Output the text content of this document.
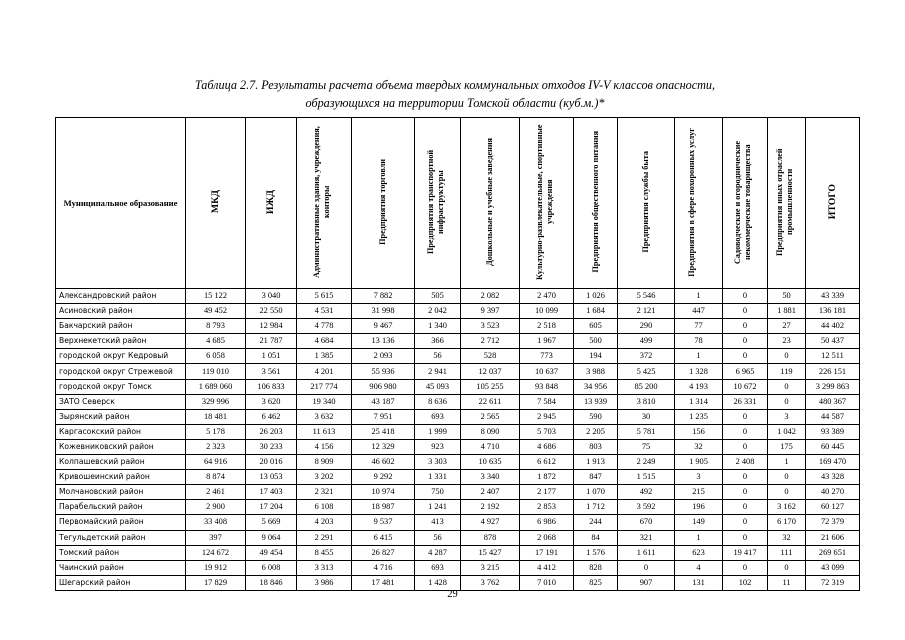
Таблица 2.7. Результаты расчета объема твердых коммунальных отходов IV-V классов опасности,
образующихся на территории Томской области (куб.м.)*
Муниципальное образование	МКД	ИЖД	Административные здания, учреждения, конторы	Предприятия торговли	Предприятия транспортной инфраструктуры	Дошкольные и учебные заведения	Культурно-развлекательные, спортивные учреждения	Предприятия общественного питания	Предприятия службы быта	Предприятия в сфере похоронных услуг	Садоводческие и огороднические некоммерческие товарищества	Предприятия иных отраслей промышленности	ИТОГО
Александровский район	15 122	3 040	5 615	7 882	505	2 082	2 470	1 026	5 546	1	0	50	43 339
Асиновский район	49 452	22 550	4 531	31 998	2 042	9 397	10 099	1 684	2 121	447	0	1 881	136 181
Бакчарский район	8 793	12 984	4 778	9 467	1 340	3 523	2 518	605	290	77	0	27	44 402
Верхнекетский район	4 685	21 787	4 684	13 136	366	2 712	1 967	500	499	78	0	23	50 437
городской округ Кедровый	6 058	1 051	1 385	2 093	56	528	773	194	372	1	0	0	12 511
городской округ Стрежевой	119 010	3 561	4 201	55 936	2 941	12 037	10 637	3 988	5 425	1 328	6 965	119	226 151
городской округ Томск	1 689 060	106 833	217 774	906 980	45 093	105 255	93 848	34 956	85 200	4 193	10 672	0	3 299 863
ЗАТО Северск	329 996	3 620	19 340	43 187	8 636	22 611	7 584	13 939	3 810	1 314	26 331	0	480 367
Зырянский район	18 481	6 462	3 632	7 951	693	2 565	2 945	590	30	1 235	0	3	44 587
Каргасокский район	5 178	26 203	11 613	25 418	1 999	8 090	5 703	2 205	5 781	156	0	1 042	93 389
Кожевниковский район	2 323	30 233	4 156	12 329	923	4 710	4 686	803	75	32	0	175	60 445
Колпашевский район	64 916	20 016	8 909	46 602	3 303	10 635	6 612	1 913	2 249	1 905	2 408	1	169 470
Кривошеинский район	8 874	13 053	3 202	9 292	1 331	3 340	1 872	847	1 515	3	0	0	43 328
Молчановский район	2 461	17 403	2 321	10 974	750	2 407	2 177	1 070	492	215	0	0	40 270
Парабельский район	2 900	17 204	6 108	18 987	1 241	2 192	2 853	1 712	3 592	196	0	3 162	60 127
Первомайский район	33 408	5 669	4 203	9 537	413	4 927	6 986	244	670	149	0	6 170	72 379
Тегульдетский район	397	9 064	2 291	6 415	56	878	2 068	84	321	1	0	32	21 606
Томский район	124 672	49 454	8 455	26 827	4 287	15 427	17 191	1 576	1 611	623	19 417	111	269 651
Чаинский район	19 912	6 008	3 313	4 716	693	3 215	4 412	828	0	4	0	0	43 099
Шегарский район	17 829	18 846	3 986	17 481	1 428	3 762	7 010	825	907	131	102	11	72 319
29
